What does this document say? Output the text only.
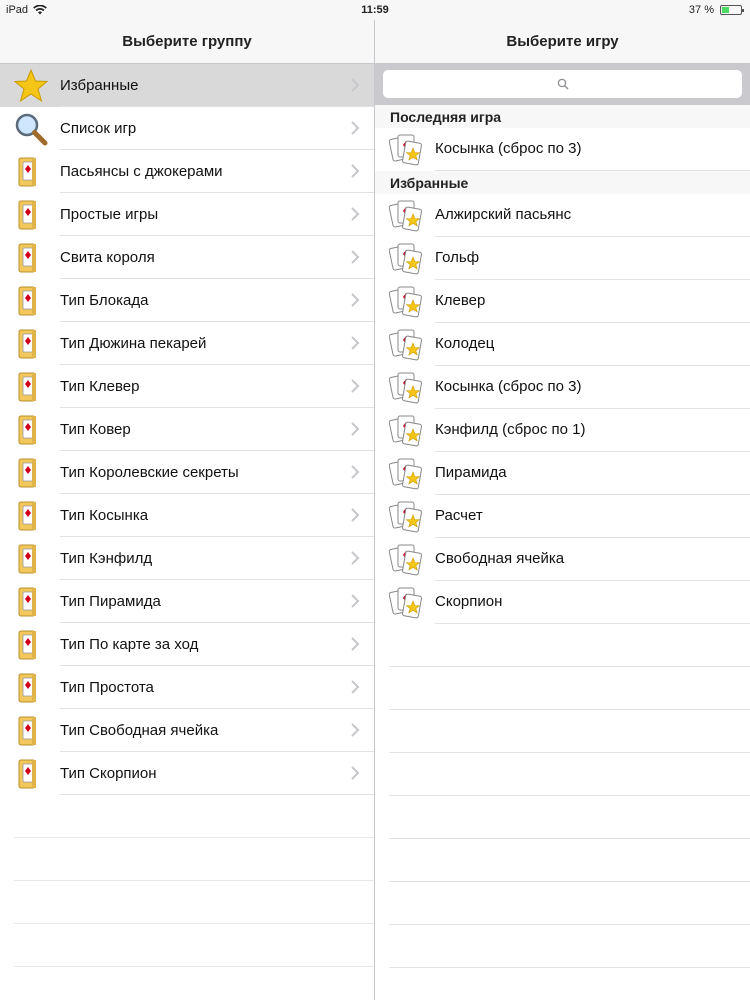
iPad	11:59	37 %
Выберите группу
Избранные
Список игр
Пасьянсы с джокерами
Простые игры
Свита короля
Тип Блокада
Тип Дюжина пекарей
Тип Клевер
Тип Ковер
Тип Королевские секреты
Тип Косынка
Тип Кэнфилд
Тип Пирамида
Тип По карте за ход
Тип Простота
Тип Свободная ячейка
Тип Скорпион
Выберите игру
Последняя игра
Косынка (сброс по 3)
Избранные
Алжирский пасьянс
Гольф
Клевер
Колодец
Косынка (сброс по 3)
Кэнфилд (сброс по 1)
Пирамида
Расчет
Свободная ячейка
Скорпион
